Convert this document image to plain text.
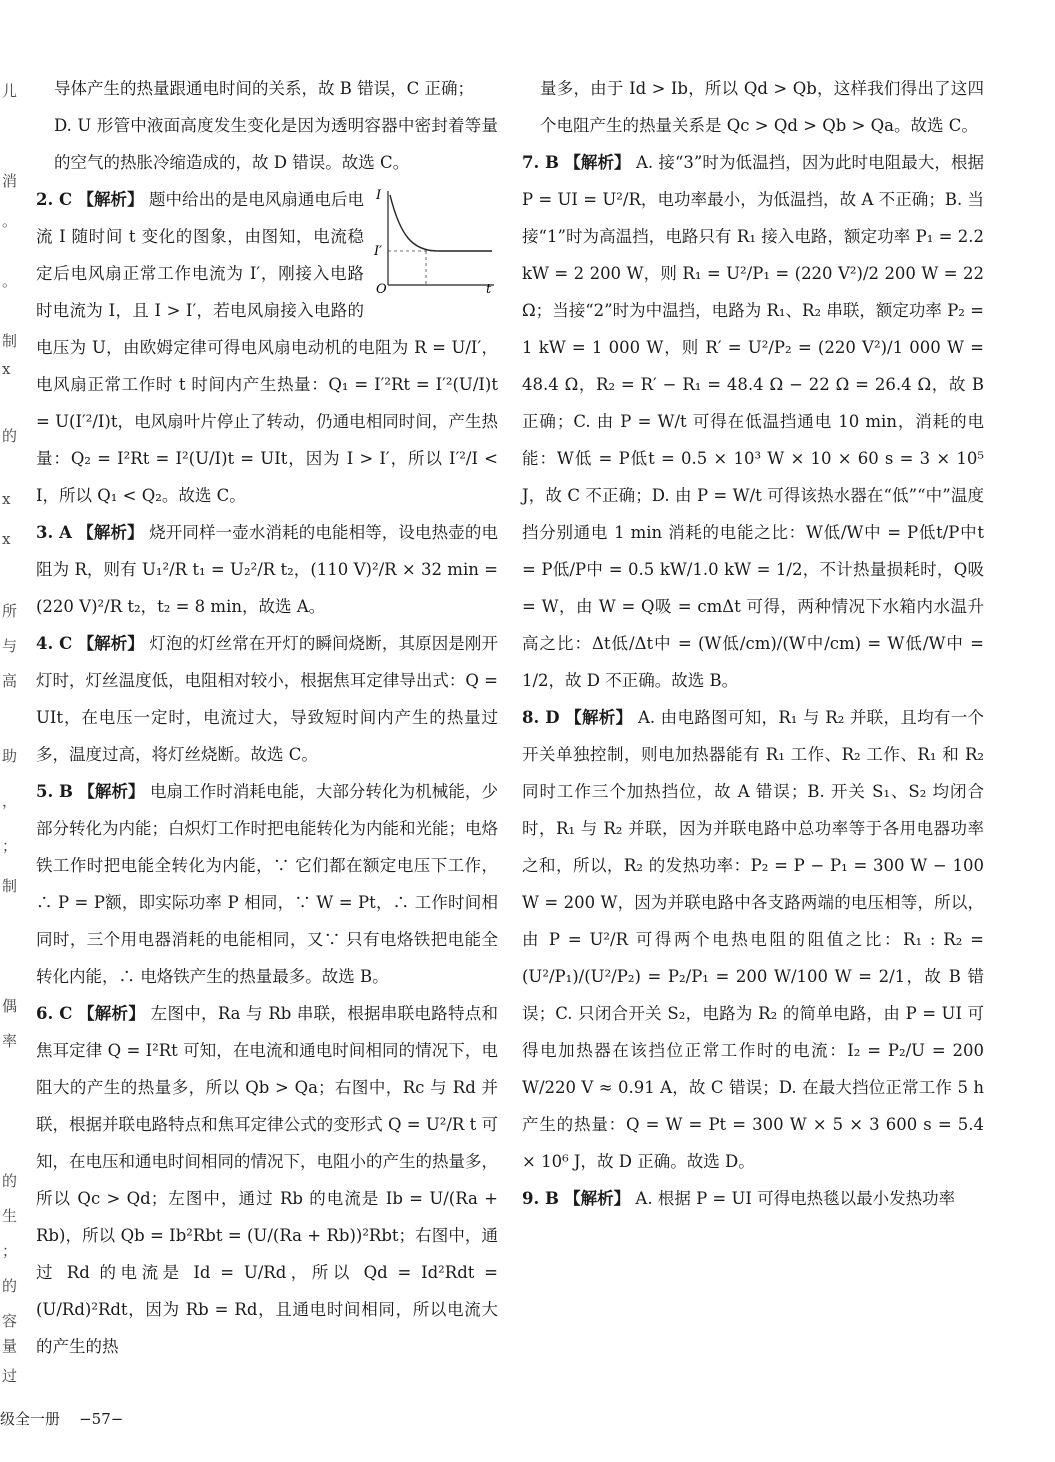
儿
消
。
。
制
x
的
x
x
所
与
高
助
，
；
制
偶
率
的
生
；
的
容
量
过

导体产生的热量跟通电时间的关系，故 B 错误，C 正确；

D. U 形管中液面高度发生变化是因为透明容器中密封着等量的空气的热胀冷缩造成的，故 D 错误。故选 C。

I
I′
O	t
2. C 【解析】 题中给出的是电风扇通电后电流 I 随时间 t 变化的图象，由图知，电流稳定后电风扇正常工作电流为 I′，刚接入电路时电流为 I，且 I > I′，若电风扇接入电路的电压为 U，由欧姆定律可得电风扇电动机的电阻为 R = U/I′，电风扇正常工作时 t 时间内产生热量：Q₁ = I′²Rt = I′²(U/I)t = U(I′²/I)t，电风扇叶片停止了转动，仍通电相同时间，产生热量：Q₂ = I²Rt = I²(U/I)t = UIt，因为 I > I′，所以 I′²/I < I，所以 Q₁ < Q₂。故选 C。
3. A 【解析】 烧开同样一壶水消耗的电能相等，设电热壶的电阻为 R，则有 U₁²/R t₁ = U₂²/R t₂，(110 V)²/R × 32 min = (220 V)²/R t₂，t₂ = 8 min，故选 A。
4. C 【解析】 灯泡的灯丝常在开灯的瞬间烧断，其原因是刚开灯时，灯丝温度低，电阻相对较小，根据焦耳定律导出式：Q = UIt，在电压一定时，电流过大，导致短时间内产生的热量过多，温度过高，将灯丝烧断。故选 C。
5. B 【解析】 电扇工作时消耗电能，大部分转化为机械能，少部分转化为内能；白炽灯工作时把电能转化为内能和光能；电烙铁工作时把电能全转化为内能，∵ 它们都在额定电压下工作，∴ P = P额，即实际功率 P 相同，∵ W = Pt，∴ 工作时间相同时，三个用电器消耗的电能相同，又∵ 只有电烙铁把电能全转化内能，∴ 电烙铁产生的热量最多。故选 B。
6. C 【解析】 左图中，Ra 与 Rb 串联，根据串联电路特点和焦耳定律 Q = I²Rt 可知，在电流和通电时间相同的情况下，电阻大的产生的热量多，所以 Qb > Qa；右图中，Rc 与 Rd 并联，根据并联电路特点和焦耳定律公式的变形式 Q = U²/R t 可知，在电压和通电时间相同的情况下，电阻小的产生的热量多，所以 Qc > Qd；左图中，通过 Rb 的电流是 Ib = U/(Ra + Rb)，所以 Qb = Ib²Rbt = (U/(Ra + Rb))²Rbt；右图中，通过 Rd 的电流是 Id = U/Rd，所以 Qd = Id²Rdt = (U/Rd)²Rdt，因为 Rb = Rd，且通电时间相同，所以电流大的产生的热

量多，由于 Id > Ib，所以 Qd > Qb，这样我们得出了这四个电阻产生的热量关系是 Qc > Qd > Qb > Qa。故选 C。

7. B 【解析】 A. 接“3”时为低温挡，因为此时电阻最大，根据 P = UI = U²/R，电功率最小，为低温挡，故 A 不正确；B. 当接“1”时为高温挡，电路只有 R₁ 接入电路，额定功率 P₁ = 2.2 kW = 2 200 W，则 R₁ = U²/P₁ = (220 V²)/2 200 W = 22 Ω；当接“2”时为中温挡，电路为 R₁、R₂ 串联，额定功率 P₂ = 1 kW = 1 000 W，则 R′ = U²/P₂ = (220 V²)/1 000 W = 48.4 Ω，R₂ = R′ − R₁ = 48.4 Ω − 22 Ω = 26.4 Ω，故 B 正确；C. 由 P = W/t 可得在低温挡通电 10 min，消耗的电能：W低 = P低t = 0.5 × 10³ W × 10 × 60 s = 3 × 10⁵ J，故 C 不正确；D. 由 P = W/t 可得该热水器在“低”“中”温度挡分别通电 1 min 消耗的电能之比：W低/W中 = P低t/P中t = P低/P中 = 0.5 kW/1.0 kW = 1/2，不计热量损耗时，Q吸 = W，由 W = Q吸 = cmΔt 可得，两种情况下水箱内水温升高之比：Δt低/Δt中 = (W低/cm)/(W中/cm) = W低/W中 = 1/2，故 D 不正确。故选 B。
8. D 【解析】 A. 由电路图可知，R₁ 与 R₂ 并联，且均有一个开关单独控制，则电加热器能有 R₁ 工作、R₂ 工作、R₁ 和 R₂ 同时工作三个加热挡位，故 A 错误；B. 开关 S₁、S₂ 均闭合时，R₁ 与 R₂ 并联，因为并联电路中总功率等于各用电器功率之和，所以，R₂ 的发热功率：P₂ = P − P₁ = 300 W − 100 W = 200 W，因为并联电路中各支路两端的电压相等，所以，由 P = U²/R 可得两个电热电阻的阻值之比：R₁ : R₂ = (U²/P₁)/(U²/P₂) = P₂/P₁ = 200 W/100 W = 2/1，故 B 错误；C. 只闭合开关 S₂，电路为 R₂ 的简单电路，由 P = UI 可得电加热器在该挡位正常工作时的电流：I₂ = P₂/U = 200 W/220 V ≈ 0.91 A，故 C 错误；D. 在最大挡位正常工作 5 h 产生的热量：Q = W = Pt = 300 W × 5 × 3 600 s = 5.4 × 10⁶ J，故 D 正确。故选 D。
9. B 【解析】 A. 根据 P = UI 可得电热毯以最小发热功率
级全一册 −57−
